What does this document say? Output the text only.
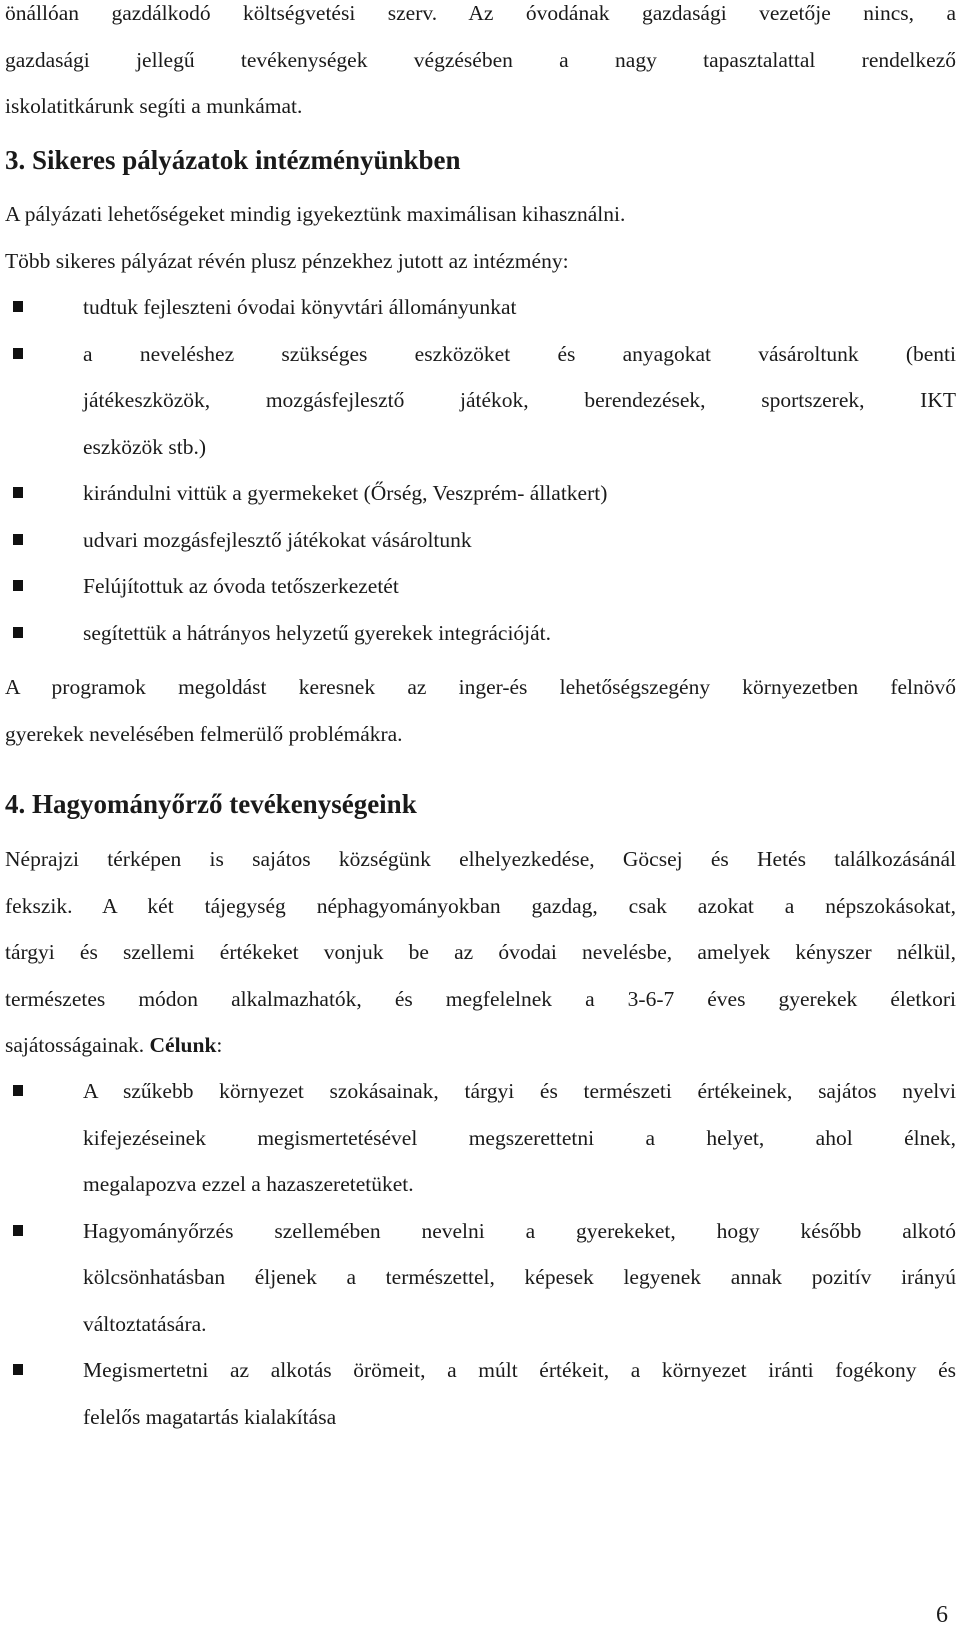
önállóan gazdálkodó költségvetési szerv. Az óvodának gazdasági vezetője nincs, a
gazdasági jellegű tevékenységek végzésében a nagy tapasztalattal rendelkező
iskolatitkárunk segíti a munkámat.
3. Sikeres pályázatok intézményünkben
A pályázati lehetőségeket mindig igyekeztünk maximálisan kihasználni.
Több sikeres pályázat révén plusz pénzekhez jutott az intézmény:
tudtuk fejleszteni óvodai könyvtári állományunkat
a neveléshez szükséges eszközöket és anyagokat vásároltunk (benti
játékeszközök, mozgásfejlesztő játékok, berendezések, sportszerek, IKT
eszközök stb.)
kirándulni vittük a gyermekeket (Őrség, Veszprém- állatkert)
udvari mozgásfejlesztő játékokat vásároltunk
Felújítottuk az óvoda tetőszerkezetét
segítettük a hátrányos helyzetű gyerekek integrációját.
A programok megoldást keresnek az inger-és lehetőségszegény környezetben felnövő
gyerekek nevelésében felmerülő problémákra.
4. Hagyományőrző tevékenységeink
Néprajzi térképen is sajátos községünk elhelyezkedése, Göcsej és Hetés találkozásánál
fekszik. A két tájegység néphagyományokban gazdag, csak azokat a népszokásokat,
tárgyi és szellemi értékeket vonjuk be az óvodai nevelésbe, amelyek kényszer nélkül,
természetes módon alkalmazhatók, és megfelelnek a 3-6-7 éves gyerekek életkori
sajátosságainak. Célunk:
A szűkebb környezet szokásainak, tárgyi és természeti értékeinek, sajátos nyelvi
kifejezéseinek megismertetésével megszerettetni a helyet, ahol élnek,
megalapozva ezzel a hazaszeretetüket.
Hagyományőrzés szellemében nevelni a gyerekeket, hogy később alkotó
kölcsönhatásban éljenek a természettel, képesek legyenek annak pozitív irányú
változtatására.
Megismertetni az alkotás örömeit, a múlt értékeit, a környezet iránti fogékony és
felelős magatartás kialakítása
6
